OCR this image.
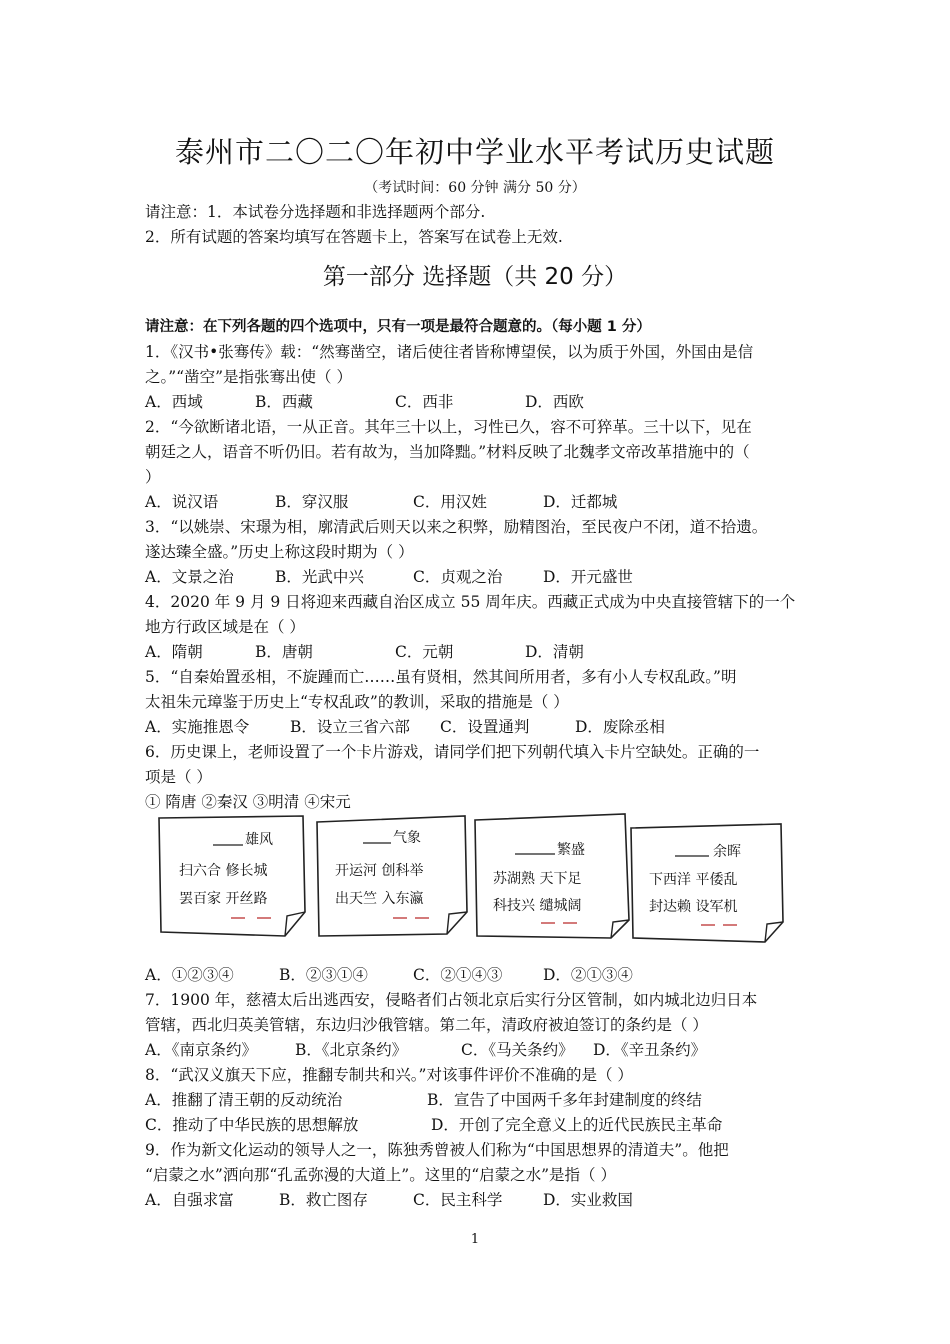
泰州市二〇二〇年初中学业水平考试历史试题
（考试时间：60 分钟 满分 50 分）
请注意：1．本试卷分选择题和非选择题两个部分.
2．所有试题的答案均填写在答题卡上，答案写在试卷上无效.
第一部分 选择题（共 20 分）
请注意：在下列各题的四个选项中，只有一项是最符合题意的。（每小题 1 分）
1．《汉书•张骞传》载：“然骞凿空，诸后使往者皆称博望侯，以为质于外国，外国由是信
之。”“凿空”是指张骞出使（ ）
A．西域	B．西藏	C．西非	D．西欧
2．“今欲断诸北语，一从正音。其年三十以上，习性已久，容不可猝革。三十以下，见在
朝廷之人，语音不听仍旧。若有故为，当加降黜。”材料反映了北魏孝文帝改革措施中的（
）
A．说汉语	B．穿汉服	C．用汉姓	D．迁都城
3．“以姚崇、宋璟为相，廓清武后则天以来之积弊，励精图治，至民夜户不闭，道不拾遗。
遂达臻全盛。”历史上称这段时期为（ ）
A．文景之治	B．光武中兴	C．贞观之治	D．开元盛世
4．2020 年 9 月 9 日将迎来西藏自治区成立 55 周年庆。西藏正式成为中央直接管辖下的一个
地方行政区域是在（ ）
A．隋朝	B．唐朝	C．元朝	D．清朝
5．“自秦始置丞相，不旋踵而亡……虽有贤相，然其间所用者，多有小人专权乱政。”明
太祖朱元璋鉴于历史上“专权乱政”的教训，采取的措施是（ ）
A．实施推恩令	B．设立三省六部 C．设置通判	D．废除丞相
6．历史课上，老师设置了一个卡片游戏，请同学们把下列朝代填入卡片空缺处。正确的一
项是（ ）
① 隋唐 ②秦汉 ③明清 ④宋元
雄风
扫六合 修长城
罢百家 开丝路
气象
开运河 创科举
出天竺 入东瀛
繁盛
苏湖熟 天下足
科技兴 缱城阔
余晖
下西洋 平倭乱
封达赖 设军机
A．①②③④	B．②③①④	C．②①④③	D．②①③④
7．1900 年，慈禧太后出逃西安，侵略者们占领北京后实行分区管制，如内城北边归日本
管辖，西北归英美管辖，东边归沙俄管辖。第二年，清政府被迫签订的条约是（ ）
A．《南京条约》 B．《北京条约》	C．《马关条约》 D．《辛丑条约》
8．“武汉义旗天下应，推翻专制共和兴。”对该事件评价不准确的是（ ）
A．推翻了清王朝的反动统治	B．宣告了中国两千多年封建制度的终结
C．推动了中华民族的思想解放	D．开创了完全意义上的近代民族民主革命
9．作为新文化运动的领导人之一，陈独秀曾被人们称为“中国思想界的清道夫”。他把
“启蒙之水”洒向那“孔孟弥漫的大道上”。这里的“启蒙之水”是指（ ）
A．自强求富	B．救亡图存	C．民主科学	D．实业救国
1
